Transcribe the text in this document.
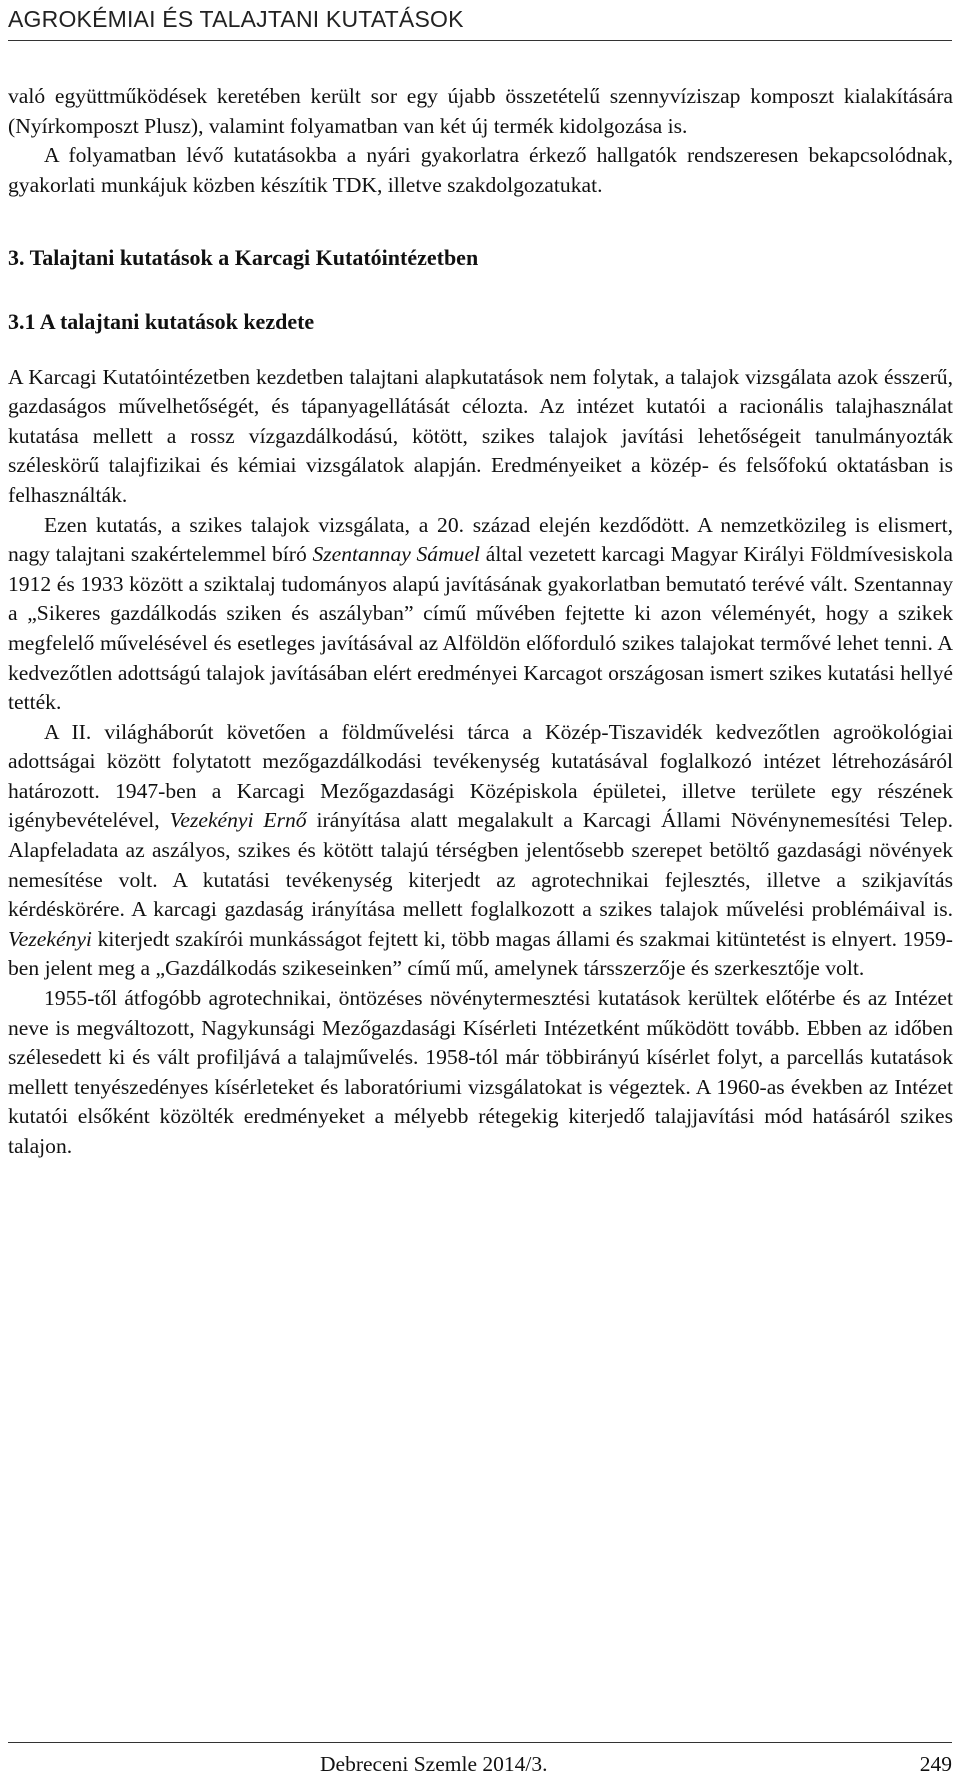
AGROKÉMIAI ÉS TALAJTANI KUTATÁSOK

való együttműködések keretében került sor egy újabb összetételű szennyvíziszap komposzt kialakítására (Nyírkomposzt Plusz), valamint folyamatban van két új termék kidolgozása is.

A folyamatban lévő kutatásokba a nyári gyakorlatra érkező hallgatók rendszeresen bekapcsolódnak, gyakorlati munkájuk közben készítik TDK, illetve szakdolgozatukat.

3. Talajtani kutatások a Karcagi Kutatóintézetben

3.1 A talajtani kutatások kezdete

A Karcagi Kutatóintézetben kezdetben talajtani alapkutatások nem folytak, a talajok vizsgálata azok ésszerű, gazdaságos művelhetőségét, és tápanyagellátását célozta. Az intézet kutatói a racionális talajhasználat kutatása mellett a rossz vízgazdálkodású, kötött, szikes talajok javítási lehetőségeit tanulmányozták széleskörű talajfizikai és kémiai vizsgálatok alapján. Eredményeiket a közép- és felsőfokú oktatásban is felhasználták.

Ezen kutatás, a szikes talajok vizsgálata, a 20. század elején kezdődött. A nemzetközileg is elismert, nagy talajtani szakértelemmel bíró Szentannay Sámuel által vezetett karcagi Magyar Királyi Földmívesiskola 1912 és 1933 között a sziktalaj tudományos alapú javításának gyakorlatban bemutató terévé vált. Szentannay a „Sikeres gazdálkodás sziken és aszályban” című művében fejtette ki azon véleményét, hogy a szikek megfelelő művelésével és esetleges javításával az Alföldön előforduló szikes talajokat termővé lehet tenni. A kedvezőtlen adottságú talajok javításában elért eredményei Karcagot országosan ismert szikes kutatási hellyé tették.

A II. világháborút követően a földművelési tárca a Közép-Tiszavidék kedvezőtlen agroökológiai adottságai között folytatott mezőgazdálkodási tevékenység kutatásával foglalkozó intézet létrehozásáról határozott. 1947-ben a Karcagi Mezőgazdasági Középiskola épületei, illetve területe egy részének igénybevételével, Vezekényi Ernő irányítása alatt megalakult a Karcagi Állami Növénynemesítési Telep. Alapfeladata az aszályos, szikes és kötött talajú térségben jelentősebb szerepet betöltő gazdasági növények nemesítése volt. A kutatási tevékenység kiterjedt az agrotechnikai fejlesztés, illetve a szikjavítás kérdéskörére. A karcagi gazdaság irányítása mellett foglalkozott a szikes talajok művelési problémáival is. Vezekényi kiterjedt szakírói munkásságot fejtett ki, több magas állami és szakmai kitüntetést is elnyert. 1959-ben jelent meg a „Gazdálkodás szikeseinken” című mű, amelynek társszerzője és szerkesztője volt.

1955-től átfogóbb agrotechnikai, öntözéses növénytermesztési kutatások kerültek előtérbe és az Intézet neve is megváltozott, Nagykunsági Mezőgazdasági Kísérleti Intézetként működött tovább. Ebben az időben szélesedett ki és vált profiljává a talajművelés. 1958-tól már többirányú kísérlet folyt, a parcellás kutatások mellett tenyészedényes kísérleteket és laboratóriumi vizsgálatokat is végeztek. A 1960-as években az Intézet kutatói elsőként közölték eredményeket a mélyebb rétegekig kiterjedő talajjavítási mód hatásáról szikes talajon.

Debreceni Szemle 2014/3.	249
